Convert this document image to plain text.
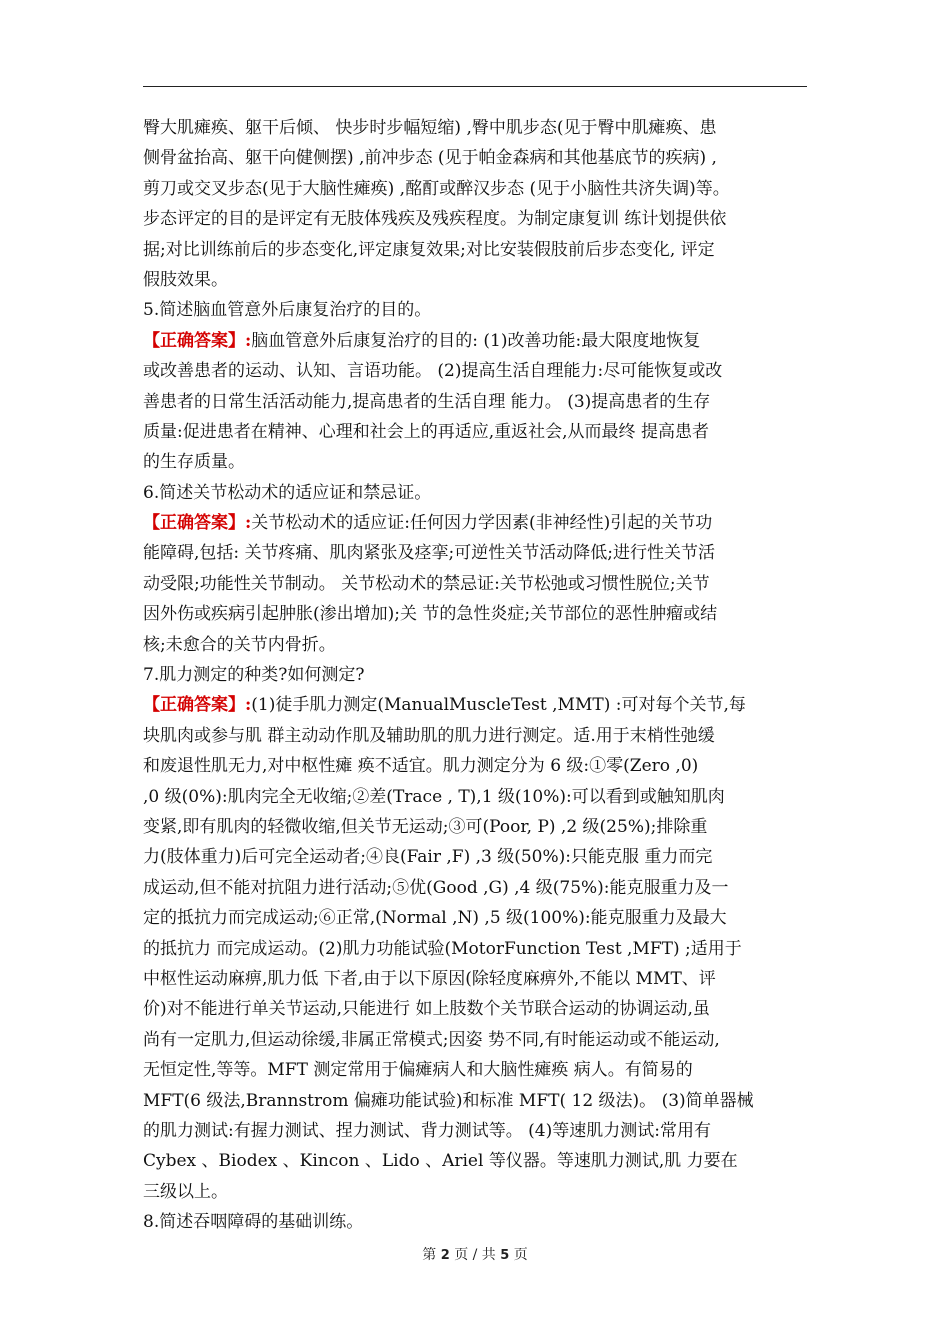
臀大肌瘫痪、躯干后倾、 快步时步幅短缩) ,臀中肌步态(见于臀中肌瘫痪、患
侧骨盆抬高、躯干向健侧摆) ,前冲步态 (见于帕金森病和其他基底节的疾病) ,
剪刀或交叉步态(见于大脑性瘫痪) ,酩酊或醉汉步态 (见于小脑性共济失调)等。
步态评定的目的是评定有无肢体残疾及残疾程度。为制定康复训 练计划提供依
据;对比训练前后的步态变化,评定康复效果;对比安装假肢前后步态变化, 评定
假肢效果。
5.简述脑血管意外后康复治疗的目的。
【正确答案】:脑血管意外后康复治疗的目的: (1)改善功能:最大限度地恢复
或改善患者的运动、认知、言语功能。 (2)提高生活自理能力:尽可能恢复或改
善患者的日常生活活动能力,提高患者的生活自理 能力。 (3)提高患者的生存
质量:促进患者在精神、心理和社会上的再适应,重返社会,从而最终 提高患者
的生存质量。
6.简述关节松动术的适应证和禁忌证。
【正确答案】:关节松动术的适应证:任何因力学因素(非神经性)引起的关节功
能障碍,包括: 关节疼痛、肌肉紧张及痉挛;可逆性关节活动降低;进行性关节活
动受限;功能性关节制动。 关节松动术的禁忌证:关节松弛或习惯性脱位;关节
因外伤或疾病引起肿胀(渗出增加);关 节的急性炎症;关节部位的恶性肿瘤或结
核;未愈合的关节内骨折。
7.肌力测定的种类?如何测定?
【正确答案】:(1)徒手肌力测定(ManualMuscleTest ,MMT) :可对每个关节,每
块肌肉或参与肌 群主动动作肌及辅助肌的肌力进行测定。适.用于末梢性弛缓
和废退性肌无力,对中枢性瘫 痪不适宜。肌力测定分为 6 级:①零(Zero ,0)
,0 级(0%):肌肉完全无收缩;②差(Trace , T),1 级(10%):可以看到或触知肌肉
变紧,即有肌肉的轻微收缩,但关节无运动;③可(Poor, P) ,2 级(25%);排除重
力(肢体重力)后可完全运动者;④良(Fair ,F) ,3 级(50%):只能克服 重力而完
成运动,但不能对抗阻力进行活动;⑤优(Good ,G) ,4 级(75%):能克服重力及一
定的抵抗力而完成运动;⑥正常,(Normal ,N) ,5 级(100%):能克服重力及最大
的抵抗力 而完成运动。(2)肌力功能试验(MotorFunction Test ,MFT) ;适用于
中枢性运动麻痹,肌力低 下者,由于以下原因(除轻度麻痹外,不能以 MMT、评
价)对不能进行单关节运动,只能进行 如上肢数个关节联合运动的协调运动,虽
尚有一定肌力,但运动徐缓,非属正常模式;因姿 势不同,有时能运动或不能运动,
无恒定性,等等。MFT 测定常用于偏瘫病人和大脑性瘫痪 病人。有简易的
MFT(6 级法,Brannstrom 偏瘫功能试验)和标准 MFT( 12 级法)。 (3)简单器械
的肌力测试:有握力测试、捏力测试、背力测试等。 (4)等速肌力测试:常用有
Cybex 、Biodex 、Kincon 、Lido 、Ariel 等仪器。等速肌力测试,肌 力要在
三级以上。
8.简述吞咽障碍的基础训练。
第 2 页 / 共 5 页
